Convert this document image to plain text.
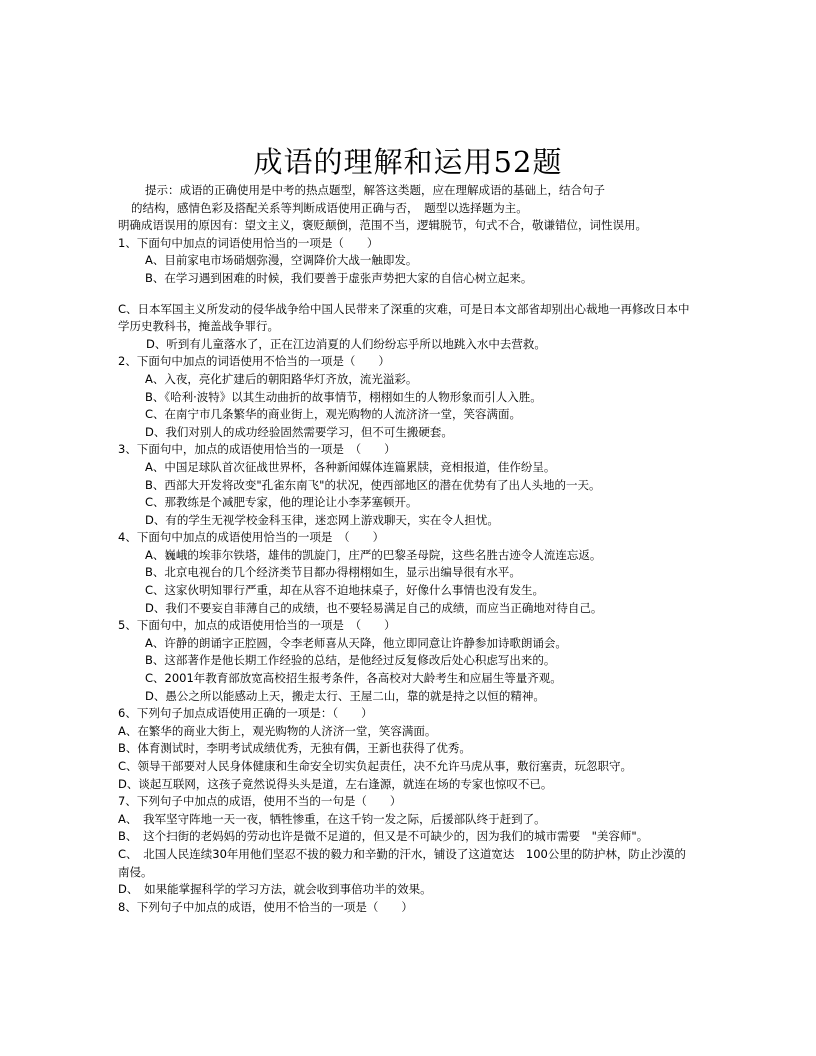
成语的理解和运用52题

提示：成语的正确使用是中考的热点题型，解答这类题，应在理解成语的基础上，结合句子

的结构，感情色彩及搭配关系等判断成语使用正确与否，　题型以选择题为主。

明确成语误用的原因有：望文主义，褒贬颠倒，范围不当，逻辑脱节，句式不合，敬谦错位，词性误用。

1、下面句中加点的词语使用恰当的一项是（　　）

A、目前家电市场硝烟弥漫，空调降价大战一触即发。

B、在学习遇到困难的时候，我们要善于虚张声势把大家的自信心树立起来。

C、日本军国主义所发动的侵华战争给中国人民带来了深重的灾难，可是日本文部省却别出心裁地一再修改日本中学历史教科书，掩盖战争罪行。

D、听到有儿童落水了，正在江边消夏的人们纷纷忘乎所以地跳入水中去营救。

2、下面句中加点的词语使用不恰当的一项是（　　）

A、入夜，亮化扩建后的朝阳路华灯齐放，流光溢彩。

B、《哈利·波特》以其生动曲折的故事情节，栩栩如生的人物形象而引人入胜。

C、在南宁市几条繁华的商业街上，观光购物的人流济济一堂，笑容满面。

D、我们对别人的成功经验固然需要学习，但不可生搬硬套。

3、下面句中，加点的成语使用恰当的一项是　（　　）

A、中国足球队首次征战世界杯，各种新闻媒体连篇累牍，竞相报道，佳作纷呈。

B、西部大开发将改变"孔雀东南飞"的状况，使西部地区的潜在优势有了出人头地的一天。

C、那教练是个减肥专家，他的理论让小李茅塞顿开。

D、有的学生无视学校金科玉律，迷恋网上游戏聊天，实在令人担忧。

4、下面句中加点的成语使用恰当的一项是　（　　）

A、巍峨的埃菲尔铁塔，雄伟的凯旋门，庄严的巴黎圣母院，这些名胜古迹令人流连忘返。

B、北京电视台的几个经济类节目都办得栩栩如生，显示出编导很有水平。

C、这家伙明知罪行严重，却在从容不迫地抹桌子，好像什么事情也没有发生。

D、我们不要妄自菲薄自己的成绩，也不要轻易满足自己的成绩，而应当正确地对待自己。

5、下面句中，加点的成语使用恰当的一项是　（　　）

A、许静的朗诵字正腔圆，令李老师喜从天降，他立即同意让许静参加诗歌朗诵会。

B、这部著作是他长期工作经验的总结，是他经过反复修改后处心积虑写出来的。

C、2001年教育部放宽高校招生报考条件，各高校对大龄考生和应届生等量齐观。

D、愚公之所以能感动上天，搬走太行、王屋二山，靠的就是持之以恒的精神。

6、下列句子加点成语使用正确的一项是：（　　）

A、在繁华的商业大街上，观光购物的人济济一堂，笑容满面。

B、体育测试时，李明考试成绩优秀，无独有偶，王新也获得了优秀。

C、领导干部要对人民身体健康和生命安全切实负起责任，决不允许马虎从事，敷衍塞责，玩忽职守。

D、谈起互联网，这孩子竟然说得头头是道，左右逢源，就连在场的专家也惊叹不已。

7、下列句子中加点的成语，使用不当的一句是（　　）

A、　我军坚守阵地一天一夜，牺牲惨重，在这千钧一发之际，后援部队终于赶到了。

B、　这个扫街的老妈妈的劳动也许是微不足道的，但又是不可缺少的，因为我们的城市需要　"美容师"。

C、　北国人民连续30年用他们坚忍不拔的毅力和辛勤的汗水，铺设了这道宽达　100公里的防护林，防止沙漠的南侵。

D、　如果能掌握科学的学习方法，就会收到事倍功半的效果。

8、下列句子中加点的成语，使用不恰当的一项是（　　）
